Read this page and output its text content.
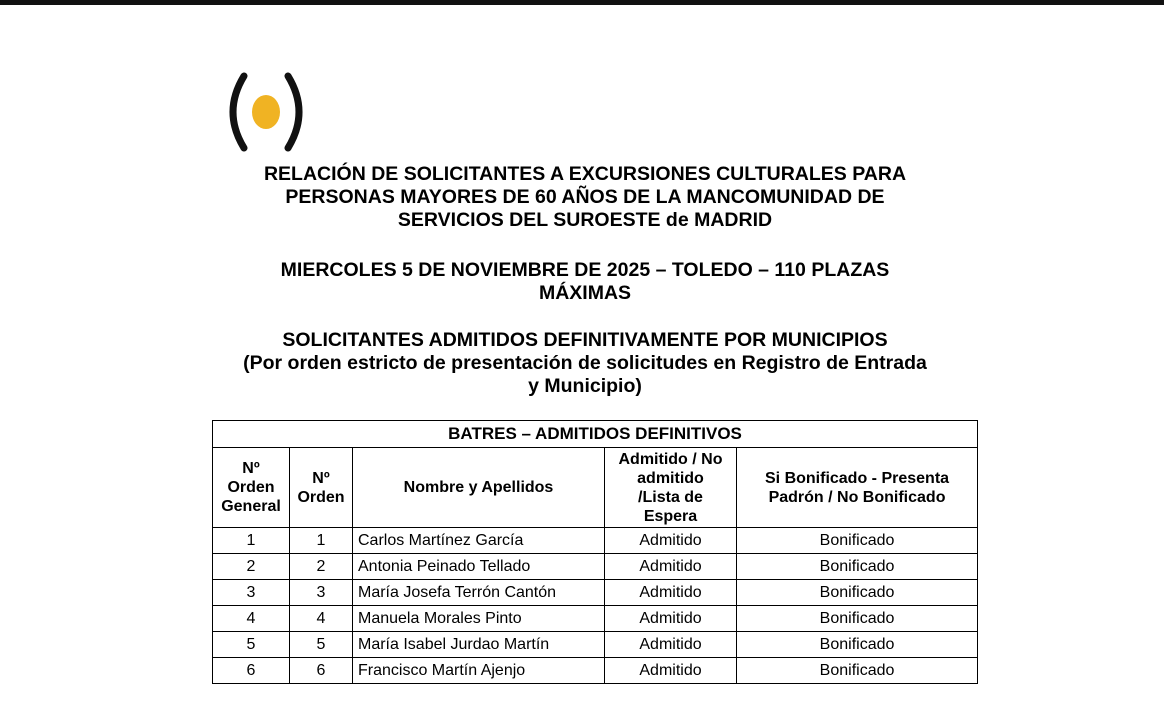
RELACIÓN DE SOLICITANTES A EXCURSIONES CULTURALES PARA
PERSONAS MAYORES DE 60 AÑOS DE LA MANCOMUNIDAD DE
SERVICIOS DEL SUROESTE de MADRID
MIERCOLES 5 DE NOVIEMBRE DE 2025 – TOLEDO – 110 PLAZAS
MÁXIMAS
SOLICITANTES ADMITIDOS DEFINITIVAMENTE POR MUNICIPIOS
(Por orden estricto de presentación de solicitudes en Registro de Entrada
y Municipio)
BATRES – ADMITIDOS DEFINITIVOS				

Nº
Orden
General	Nº
Orden	Nombre y Apellidos	Admitido / No
admitido
/Lista de
Espera	Si Bonificado - Presenta
Padrón / No Bonificado

1	1	Carlos Martínez García	Admitido	Bonificado
2	2	Antonia Peinado Tellado	Admitido	Bonificado
3	3	María Josefa Terrón Cantón	Admitido	Bonificado
4	4	Manuela Morales Pinto	Admitido	Bonificado
5	5	María Isabel Jurdao Martín	Admitido	Bonificado
6	6	Francisco Martín Ajenjo	Admitido	Bonificado
